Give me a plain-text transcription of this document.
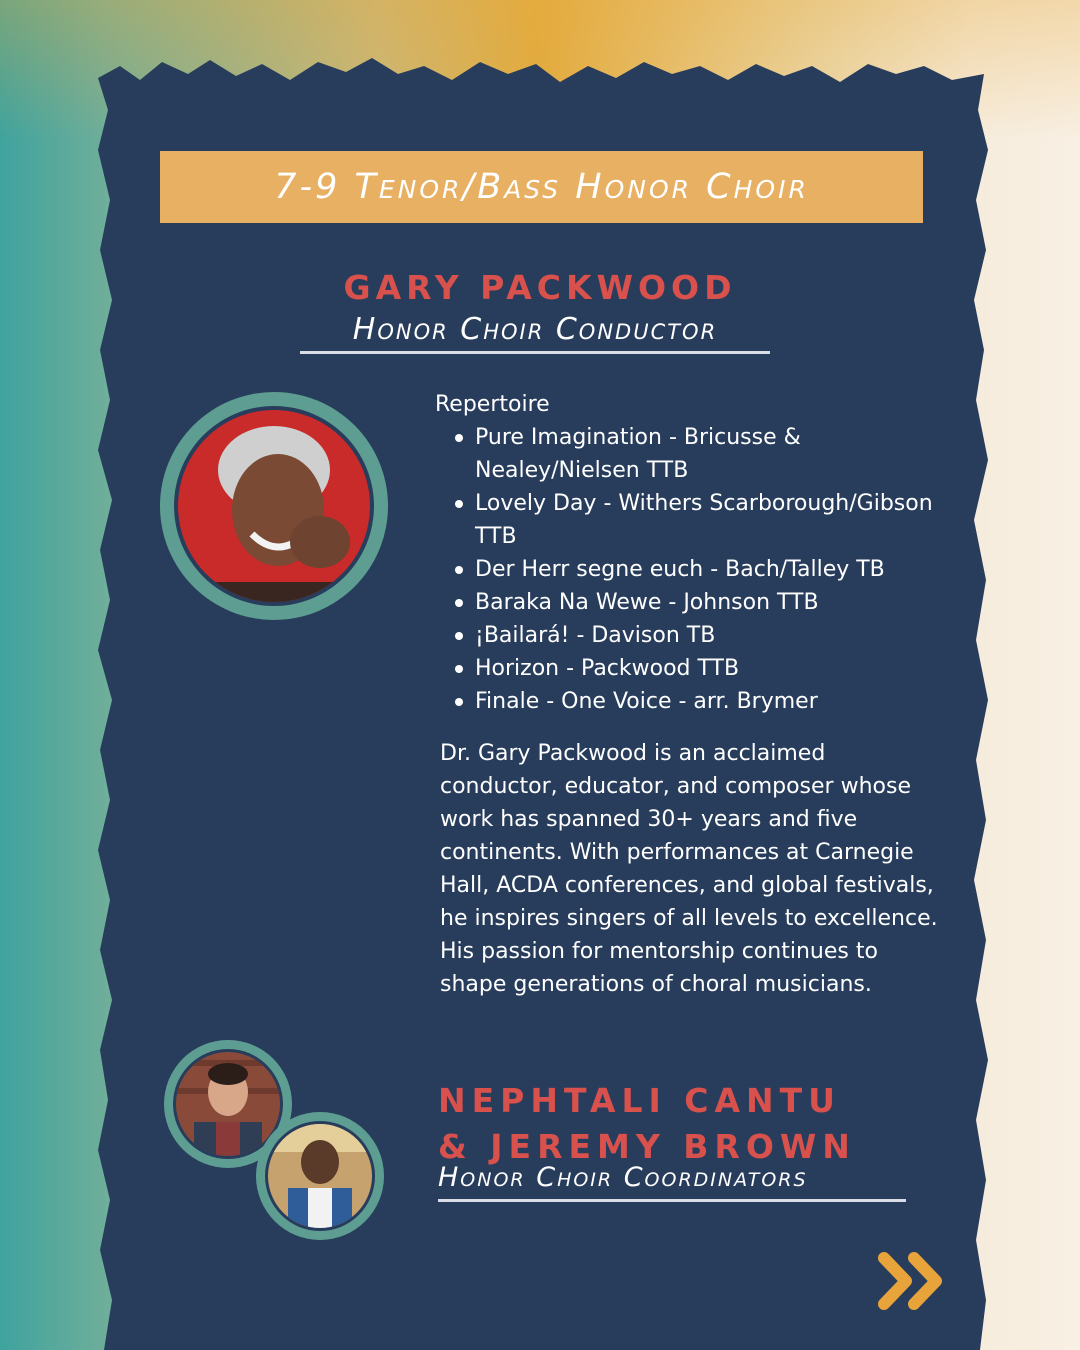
7-9 Tenor/Bass Honor Choir
GARY PACKWOOD
Honor Choir Conductor
Repertoire
Pure Imagination - Bricusse & Nealey/Nielsen TTB
Lovely Day - Withers Scarborough/Gibson TTB
Der Herr segne euch - Bach/Talley TB
Baraka Na Wewe - Johnson TTB
¡Bailará! - Davison TB
Horizon - Packwood TTB
Finale - One Voice - arr. Brymer
Dr. Gary Packwood is an acclaimed conductor, educator, and composer whose work has spanned 30+ years and five continents. With performances at Carnegie Hall, ACDA conferences, and global festivals, he inspires singers of all levels to excellence. His passion for mentorship continues to shape generations of choral musicians.
NEPHTALI CANTU
& JEREMY BROWN
Honor Choir Coordinators
